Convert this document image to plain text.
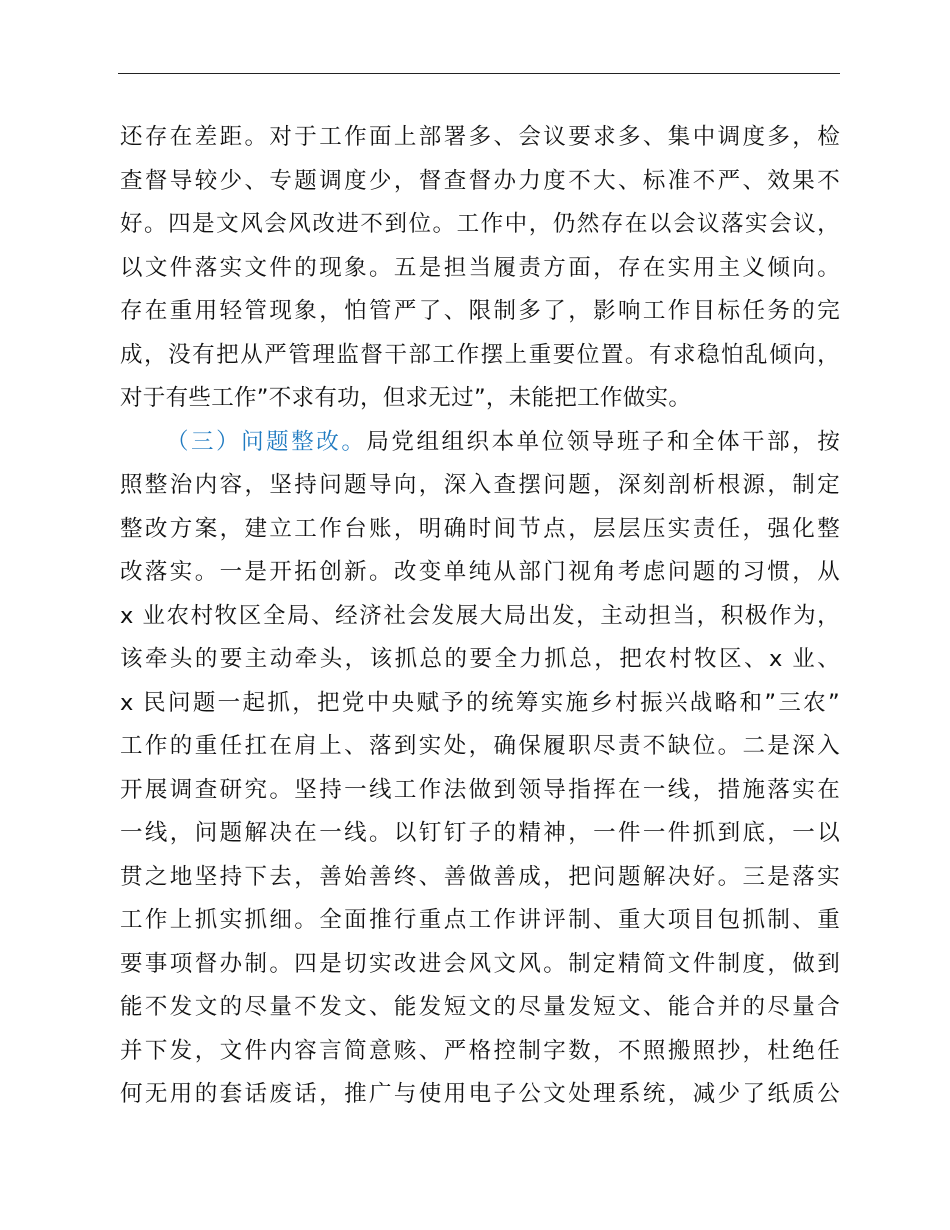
还存在差距。对于工作面上部署多、会议要求多、集中调度多，检
查督导较少、专题调度少，督查督办力度不大、标准不严、效果不
好。四是文风会风改进不到位。工作中，仍然存在以会议落实会议，
以文件落实文件的现象。五是担当履责方面，存在实用主义倾向。
存在重用轻管现象，怕管严了、限制多了，影响工作目标任务的完
成，没有把从严管理监督干部工作摆上重要位置。有求稳怕乱倾向，
对于有些工作”不求有功，但求无过”，未能把工作做实。
（三）问题整改。局党组组织本单位领导班子和全体干部，按
照整治内容，坚持问题导向，深入查摆问题，深刻剖析根源，制定
整改方案，建立工作台账，明确时间节点，层层压实责任，强化整
改落实。一是开拓创新。改变单纯从部门视角考虑问题的习惯，从
x 业农村牧区全局、经济社会发展大局出发，主动担当，积极作为，
该牵头的要主动牵头，该抓总的要全力抓总，把农村牧区、x 业、
x 民问题一起抓，把党中央赋予的统筹实施乡村振兴战略和”三农”
工作的重任扛在肩上、落到实处，确保履职尽责不缺位。二是深入
开展调查研究。坚持一线工作法做到领导指挥在一线，措施落实在
一线，问题解决在一线。以钉钉子的精神，一件一件抓到底，一以
贯之地坚持下去，善始善终、善做善成，把问题解决好。三是落实
工作上抓实抓细。全面推行重点工作讲评制、重大项目包抓制、重
要事项督办制。四是切实改进会风文风。制定精简文件制度，做到
能不发文的尽量不发文、能发短文的尽量发短文、能合并的尽量合
并下发，文件内容言简意赅、严格控制字数，不照搬照抄，杜绝任
何无用的套话废话，推广与使用电子公文处理系统，减少了纸质公
